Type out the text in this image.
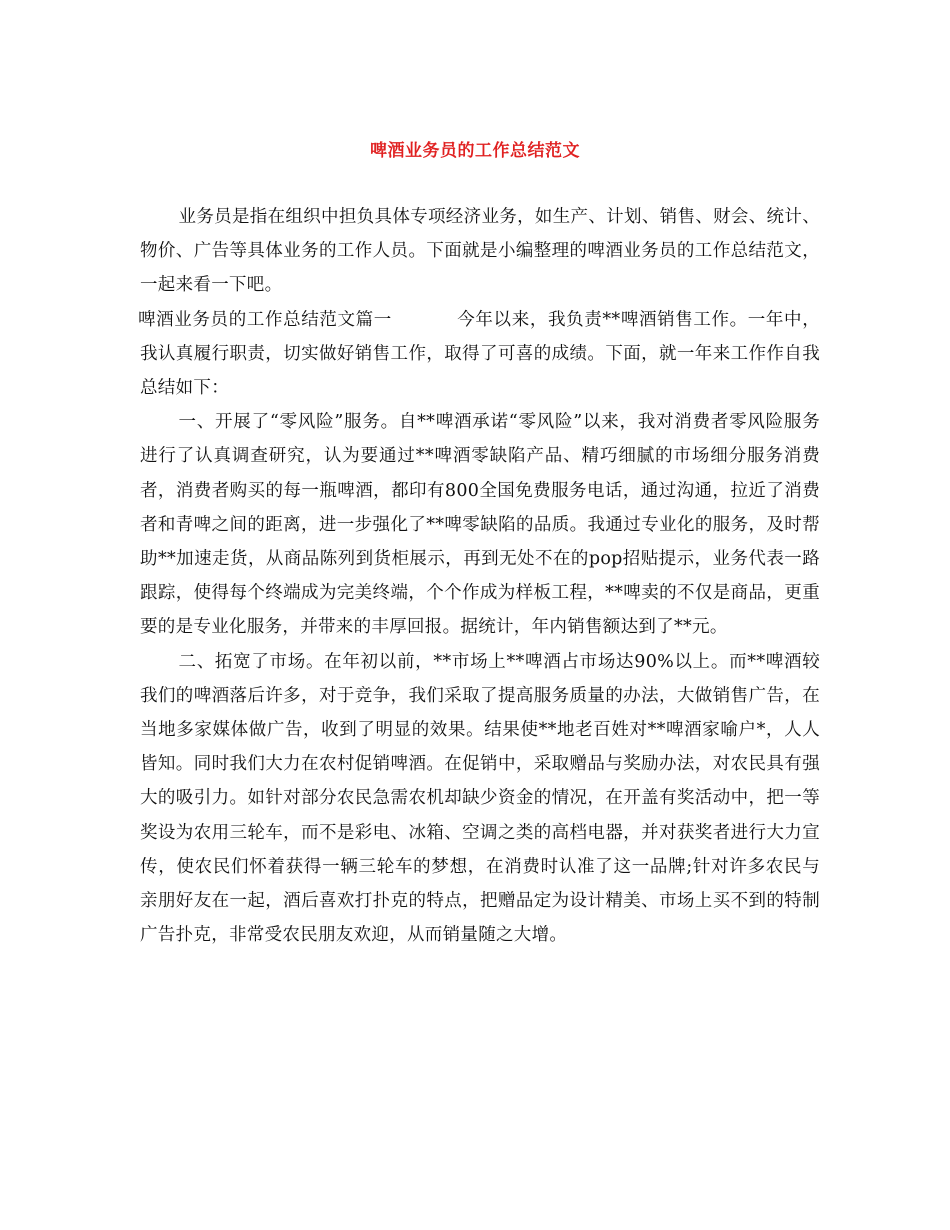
啤酒业务员的工作总结范文

业务员是指在组织中担负具体专项经济业务，如生产、计划、销售、财会、统计、物价、广告等具体业务的工作人员。下面就是小编整理的啤酒业务员的工作总结范文，一起来看一下吧。

啤酒业务员的工作总结范文篇一	今年以来，我负责**啤酒销售工作。一年中，我认真履行职责，切实做好销售工作，取得了可喜的成绩。下面，就一年来工作作自我总结如下：

一、开展了“零风险”服务。自**啤酒承诺“零风险”以来，我对消费者零风险服务进行了认真调查研究，认为要通过**啤酒零缺陷产品、精巧细腻的市场细分服务消费者，消费者购买的每一瓶啤酒，都印有800全国免费服务电话，通过沟通，拉近了消费者和青啤之间的距离，进一步强化了**啤零缺陷的品质。我通过专业化的服务，及时帮助**加速走货，从商品陈列到货柜展示，再到无处不在的pop招贴提示，业务代表一路跟踪，使得每个终端成为完美终端，个个作成为样板工程，**啤卖的不仅是商品，更重要的是专业化服务，并带来的丰厚回报。据统计，年内销售额达到了**元。

二、拓宽了市场。在年初以前，**市场上**啤酒占市场达90%以上。而**啤酒较我们的啤酒落后许多，对于竞争，我们采取了提高服务质量的办法，大做销售广告，在当地多家媒体做广告，收到了明显的效果。结果使**地老百姓对**啤酒家喻户*，人人皆知。同时我们大力在农村促销啤酒。在促销中，采取赠品与奖励办法，对农民具有强大的吸引力。如针对部分农民急需农机却缺少资金的情况，在开盖有奖活动中，把一等奖设为农用三轮车，而不是彩电、冰箱、空调之类的高档电器，并对获奖者进行大力宣传，使农民们怀着获得一辆三轮车的梦想，在消费时认准了这一品牌;针对许多农民与亲朋好友在一起，酒后喜欢打扑克的特点，把赠品定为设计精美、市场上买不到的特制广告扑克，非常受农民朋友欢迎，从而销量随之大增。
